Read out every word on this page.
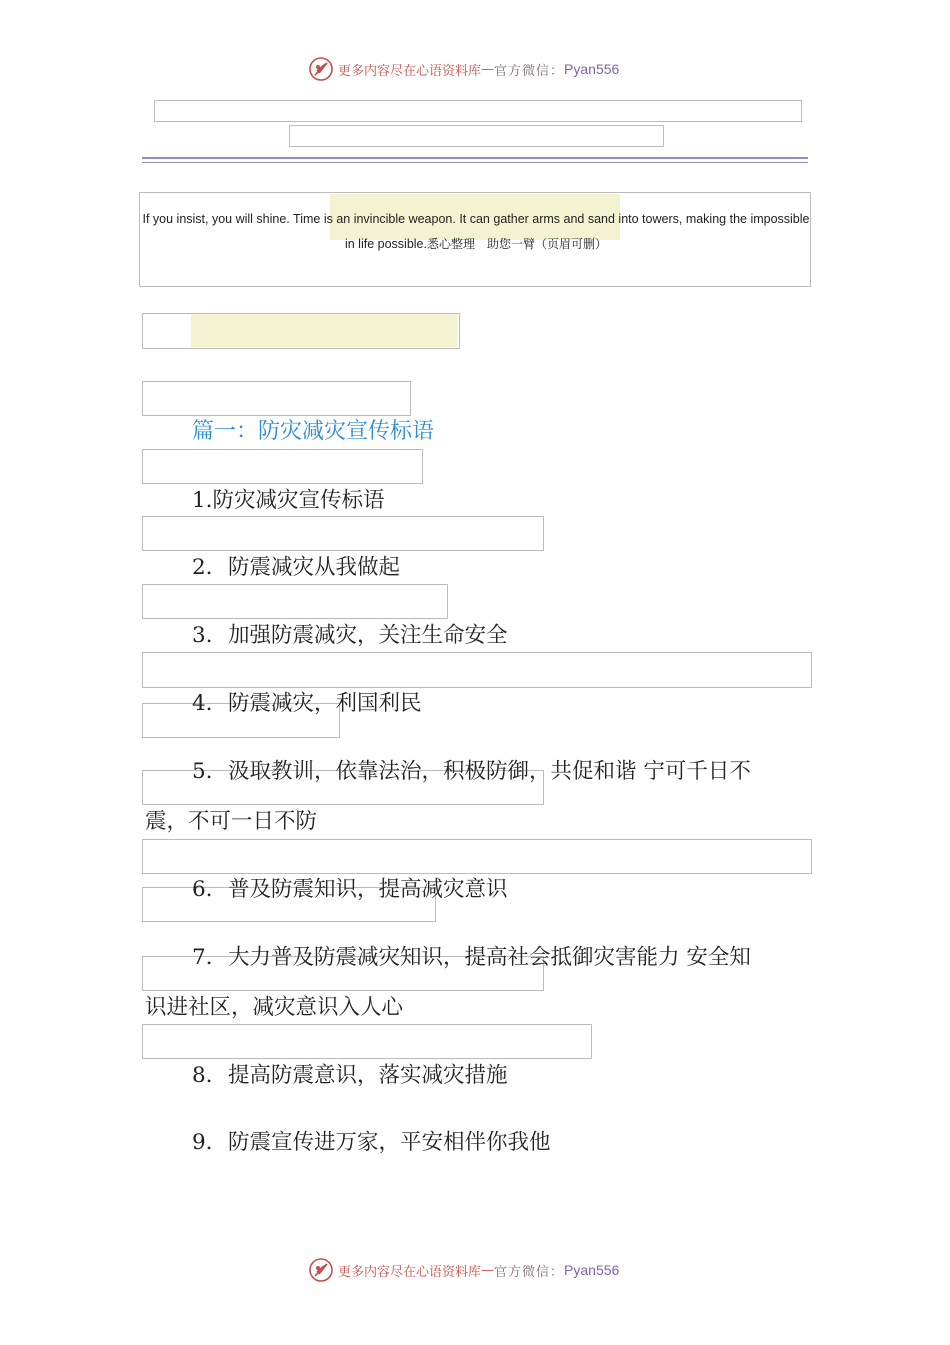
更多内容尽在心语资料库 — 官方微信： Pyan556

If you insist, you will shine. Time is an invincible weapon. It can gather arms and sand into towers, making the impossible in life possible.悉心整理　助您一臂（页眉可删）

篇一：防灾减灾宣传标语
1.防灾减灾宣传标语
2. 防震减灾从我做起
3. 加强防震减灾，关注生命安全
4. 防震减灾，利国利民
5. 汲取教训，依靠法治，积极防御，共促和谐 宁可千日不
震，不可一日不防
6. 普及防震知识，提高减灾意识
7. 大力普及防震减灾知识，提高社会抵御灾害能力 安全知
识进社区，减灾意识入人心
8. 提高防震意识，落实减灾措施
9. 防震宣传进万家，平安相伴你我他
更多内容尽在心语资料库 — 官方微信： Pyan556
